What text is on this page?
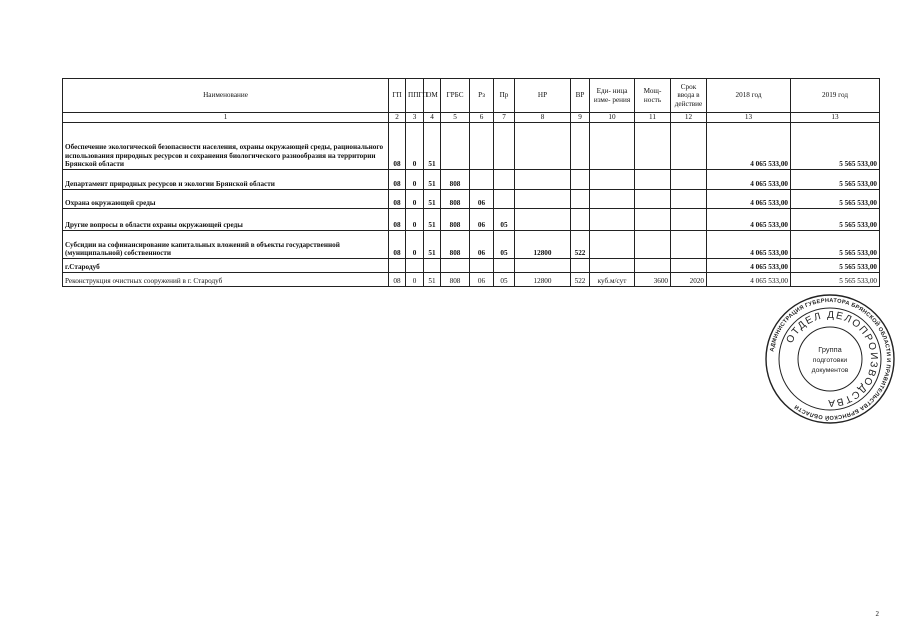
Наименование	ГП	ППГП	ОМ	ГРБС	Рз	Пр	НР	ВР	Еди- ница изме- рения	Мощ- ность	Срок ввода в действие	2018 год	2019 год
1	2	3	4	5	6	7	8	9	10	11	12	13	13
Обеспечение экологической безопасности населения, охраны окружающей среды, рационального использования природных ресурсов и сохранения биологического разнообразия на территории Брянской области	08	0	51									4 065 533,00	5 565 533,00
Департамент природных ресурсов и экологии Брянской области	08	0	51	808								4 065 533,00	5 565 533,00
Охрана окружающей среды	08	0	51	808	06							4 065 533,00	5 565 533,00
Другие вопросы в области охраны окружающей среды	08	0	51	808	06	05						4 065 533,00	5 565 533,00
Субсидии на софинансирование капитальных вложений в объекты государственной (муниципальной) собственности	08	0	51	808	06	05	12800	522				4 065 533,00	5 565 533,00
г.Стародуб												4 065 533,00	5 565 533,00
Реконструкция очистных сооружений в г. Стародуб	08	0	51	808	06	05	12800	522	куб.м/сут	3600	2020	4 065 533,00	5 565 533,00
АДМИНИСТРАЦИЯ ГУБЕРНАТОРА БРЯНСКОЙ ОБЛАСТИ И ПРАВИТЕЛЬСТВА БРЯНСКОЙ ОБЛАСТИ
ОТДЕЛ ДЕЛОПРОИЗВОДСТВА
Группа
подготовки
документов
2
